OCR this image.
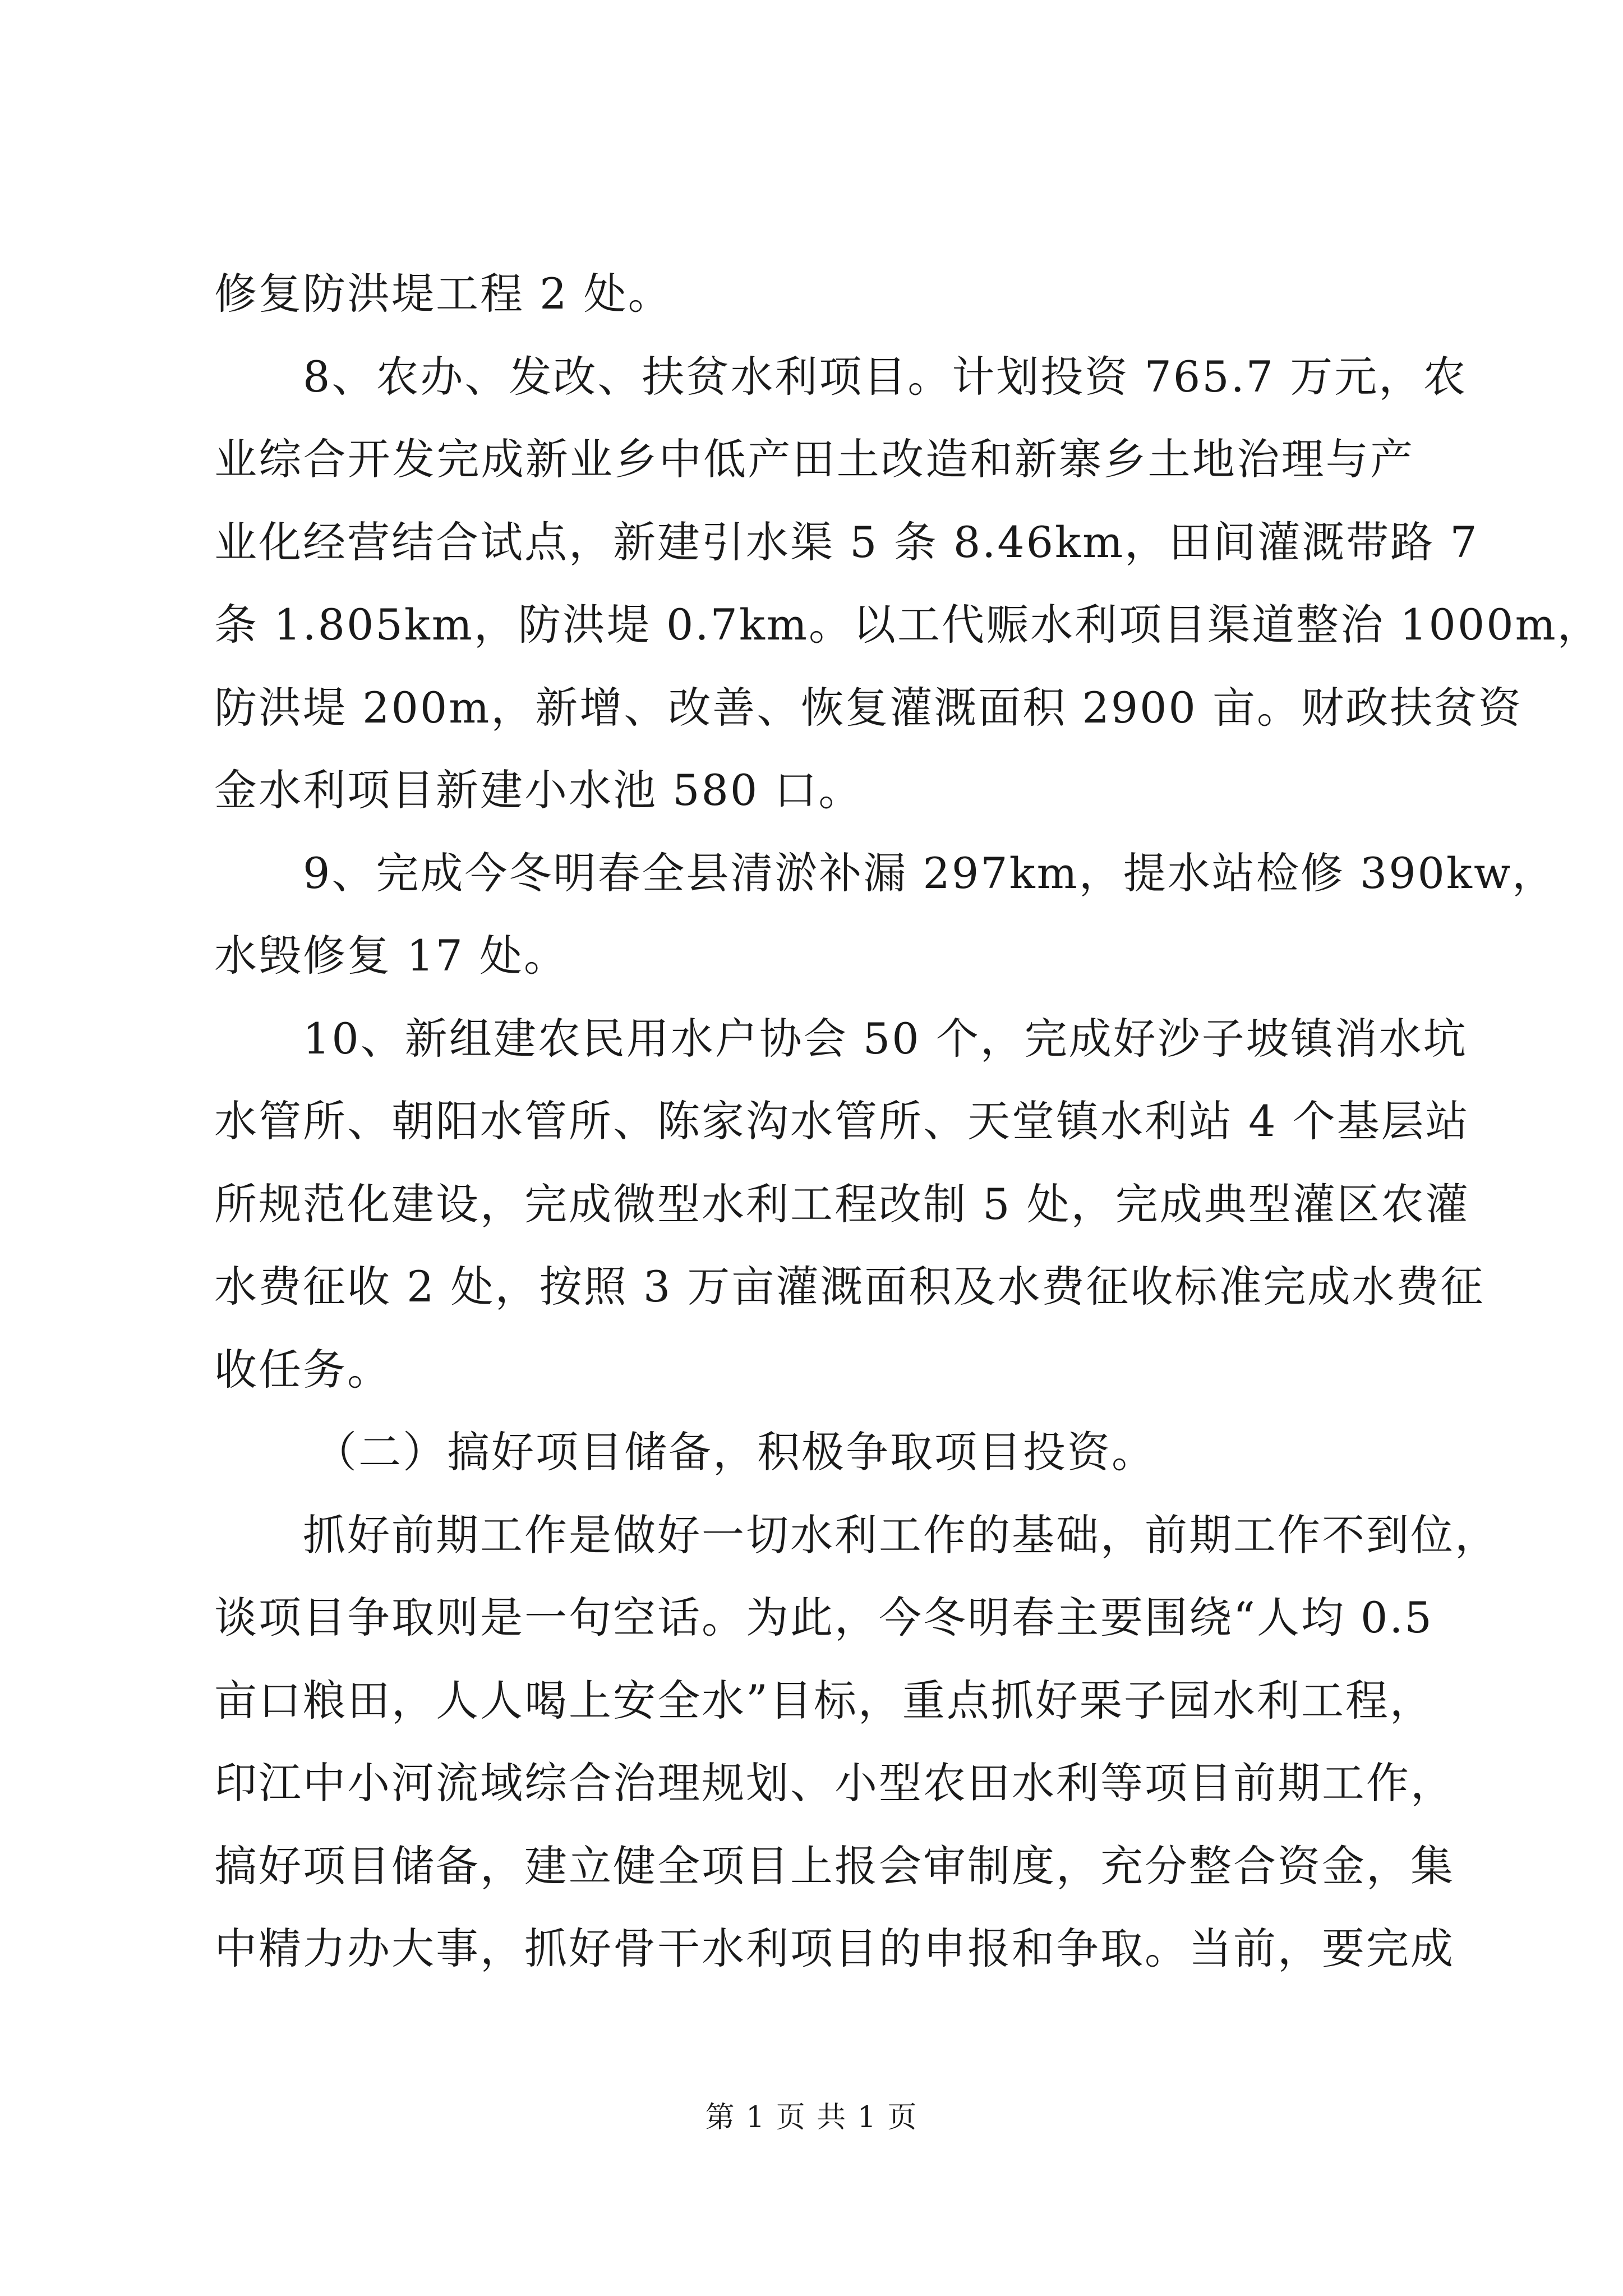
修复防洪堤工程 2 处。
8、农办、发改、扶贫水利项目。计划投资 765.7 万元，农
业综合开发完成新业乡中低产田土改造和新寨乡土地治理与产
业化经营结合试点，新建引水渠 5 条 8.46km，田间灌溉带路 7
条 1.805km，防洪堤 0.7km。以工代赈水利项目渠道整治 1000m，
防洪堤 200m，新增、改善、恢复灌溉面积 2900 亩。财政扶贫资
金水利项目新建小水池 580 口。
9、完成今冬明春全县清淤补漏 297km，提水站检修 390kw，
水毁修复 17 处。
10、新组建农民用水户协会 50 个，完成好沙子坡镇消水坑
水管所、朝阳水管所、陈家沟水管所、天堂镇水利站 4 个基层站
所规范化建设，完成微型水利工程改制 5 处，完成典型灌区农灌
水费征收 2 处，按照 3 万亩灌溉面积及水费征收标准完成水费征
收任务。
（二）搞好项目储备，积极争取项目投资。
抓好前期工作是做好一切水利工作的基础，前期工作不到位，
谈项目争取则是一句空话。为此，今冬明春主要围绕“人均 0.5
亩口粮田，人人喝上安全水”目标，重点抓好栗子园水利工程，
印江中小河流域综合治理规划、小型农田水利等项目前期工作，
搞好项目储备，建立健全项目上报会审制度，充分整合资金，集
中精力办大事，抓好骨干水利项目的申报和争取。当前，要完成
第 1 页 共 1 页
